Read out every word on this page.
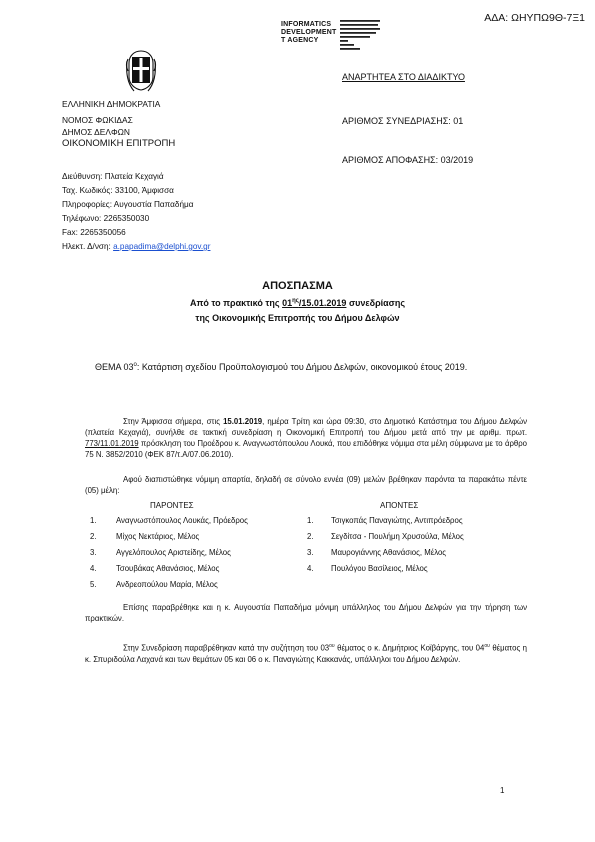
ΑΔΑ: ΩΗΥΠΩ9Θ-7Ξ1
INFORMATICS
DEVELOPMENT
T AGENCY
ΑΝΑΡΤΗΤΕΑ ΣΤΟ ΔΙΑΔΙΚΤΥΟ
ΑΡΙΘΜΟΣ ΣΥΝΕΔΡΙΑΣΗΣ: 01
ΑΡΙΘΜΟΣ ΑΠΟΦΑΣΗΣ: 03/2019
ΕΛΛΗΝΙΚΗ ΔΗΜΟΚΡΑΤΙΑ
ΝΟΜΟΣ ΦΩΚΙΔΑΣ
ΔΗΜΟΣ ΔΕΛΦΩΝ
ΟΙΚΟΝΟΜΙΚΗ ΕΠΙΤΡΟΠΗ
Διεύθυνση: Πλατεία Κεχαγιά
Ταχ. Κωδικός: 33100, Άμφισσα
Πληροφορίες: Αυγουστία Παπαδήμα
Τηλέφωνο: 2265350030
Fax: 2265350056
Ηλεκτ. Δ/νση: a.papadima@delphi.gov.gr
ΑΠΟΣΠΑΣΜΑ
Από το πρακτικό της $01^{\eta\varsigma}/15.01.2019$ συνεδρίασης
της Οικονομικής Επιτροπής του Δήμου Δελφών
ΘΕΜΑ $03^o$: Κατάρτιση σχεδίου Προϋπολογισμού του Δήμου Δελφών, οικονομικού έτους 2019.
Στην Άμφισσα σήμερα, στις 15.01.2019, ημέρα Τρίτη και ώρα 09:30, στο Δημοτικό Κατάστημα του Δήμου Δελφών (πλατεία Κεχαγιά), συνήλθε σε τακτική συνεδρίαση η Οικονομική Επιτροπή του Δήμου μετά από την με αριθμ. πρωτ. 773/11.01.2019 πρόσκληση του Προέδρου κ. Αναγνωστόπουλου Λουκά, που επιδόθηκε νόμιμα στα μέλη σύμφωνα με το άρθρο 75 Ν. 3852/2010 (ΦΕΚ 87/τ.Α/07.06.2010).
Αφού διαπιστώθηκε νόμιμη απαρτία, δηλαδή σε σύνολο εννέα (09) μελών βρέθηκαν παρόντα τα παρακάτω πέντε (05) μέλη:
ΠΑΡΟΝΤΕΣ	ΑΠΟΝΤΕΣ
1. Αναγνωστόπουλος Λουκάς, Πρόεδρος
2. Μίχος Νεκτάριος, Μέλος
3. Αγγελόπουλος Αριστείδης, Μέλος
4. Τσουβάκας Αθανάσιος, Μέλος
5. Ανδρεοπούλου Μαρία, Μέλος
1. Τσιγκοπάς Παναγιώτης, Αντιπρόεδρος
2. Σεγδίτσα - Πουλήμη Χρυσούλα, Μέλος
3. Μαυρογιάννης Αθανάσιος, Μέλος
4. Πουλόγου Βασίλειος, Μέλος
Επίσης παραβρέθηκε και η κ. Αυγουστία Παπαδήμα μόνιμη υπάλληλος του Δήμου Δελφών για την τήρηση των πρακτικών.
Στην Συνεδρίαση παραβρέθηκαν κατά την συζήτηση του $03^{o\upsilon}$ θέματος ο κ. Δημήτριος Κοϊβάργης, του $04^{o\upsilon}$ θέματος η κ. Σπυριδούλα Λαχανά και των θεμάτων 05 και 06 ο κ. Παναγιώτης Κακκανάς, υπάλληλοι του Δήμου Δελφών.
1
